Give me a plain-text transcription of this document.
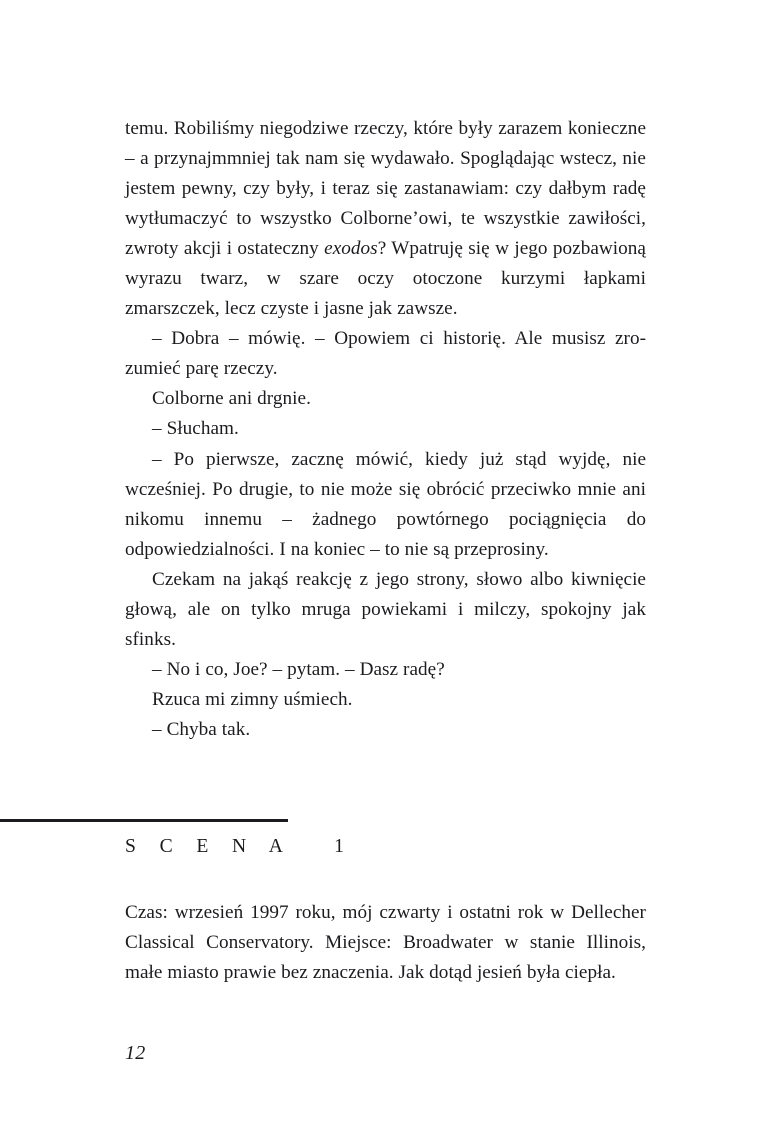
temu. Robiliśmy niegodziwe rzeczy, które były zarazem konieczne – a przynajmmniej tak nam się wydawało. Spoglądając wstecz, nie jestem pewny, czy były, i teraz się zastanawiam: czy dałbym radę wytłumaczyć to wszystko Colborne’owi, te wszystkie zawiłości, zwroty akcji i ostateczny exodos? Wpatruję się w jego pozbawioną wyrazu twarz, w szare oczy otoczone kurzymi łapkami zmarszczek, lecz czyste i jasne jak zawsze.

– Dobra – mówię. – Opowiem ci historię. Ale musisz zrozumieć parę rzeczy.

Colborne ani drgnie.

– Słucham.

– Po pierwsze, zacznę mówić, kiedy już stąd wyjdę, nie wcześniej. Po drugie, to nie może się obrócić przeciwko mnie ani nikomu innemu – żadnego powtórnego pociągnięcia do odpowiedzialności. I na koniec – to nie są przeprosiny.

Czekam na jakąś reakcję z jego strony, słowo albo kiwnięcie głową, ale on tylko mruga powiekami i milczy, spokojny jak sfinks.

– No i co, Joe? – pytam. – Dasz radę?

Rzuca mi zimny uśmiech.

– Chyba tak.

S C E N A   1

Czas: wrzesień 1997 roku, mój czwarty i ostatni rok w Dellecher Classical Conservatory. Miejsce: Broadwater w stanie Illinois, małe miasto prawie bez znaczenia. Jak dotąd jesień była ciepła.

12
